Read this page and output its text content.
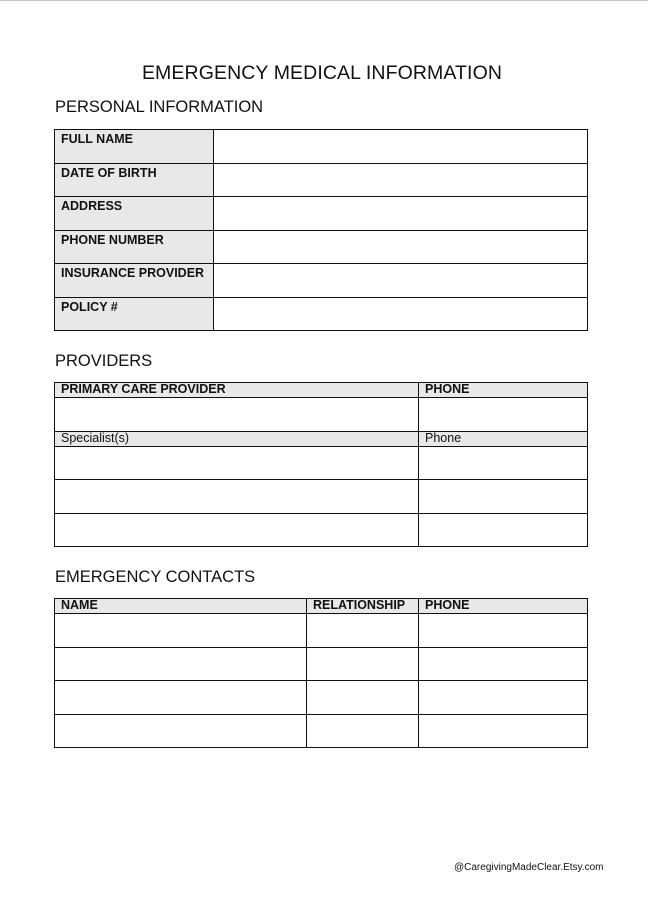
EMERGENCY MEDICAL INFORMATION
PERSONAL INFORMATION
FULL NAME	
DATE OF BIRTH	
ADDRESS	
PHONE NUMBER	
INSURANCE PROVIDER	
POLICY #	
PROVIDERS
PRIMARY CARE PROVIDER	PHONE

Specialist(s)	Phone

EMERGENCY CONTACTS
NAME	RELATIONSHIP	PHONE

@CaregivingMadeClear.Etsy.com
